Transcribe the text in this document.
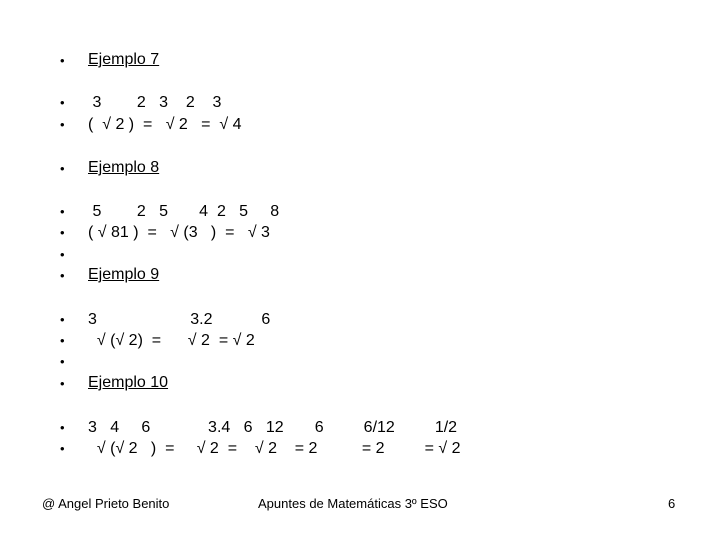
•
•
•
•
•
•
•
•
•
•
•
•
•
•
Ejemplo 7
3        2   3    2    3
(  √ 2 )  =   √ 2   =  √ 4
Ejemplo 8
5        2   5       4  2   5     8
( √ 81 )  =   √ (3   )  =   √ 3
Ejemplo 9
3                     3.2           6
√ (√ 2)  =      √ 2  = √ 2
Ejemplo 10
3   4     6             3.4   6   12       6         6/12         1/2
√ (√ 2   )  =     √ 2  =    √ 2    = 2          = 2         = √ 2
@ Angel Prieto Benito	Apuntes de Matemáticas 3º ESO	6
